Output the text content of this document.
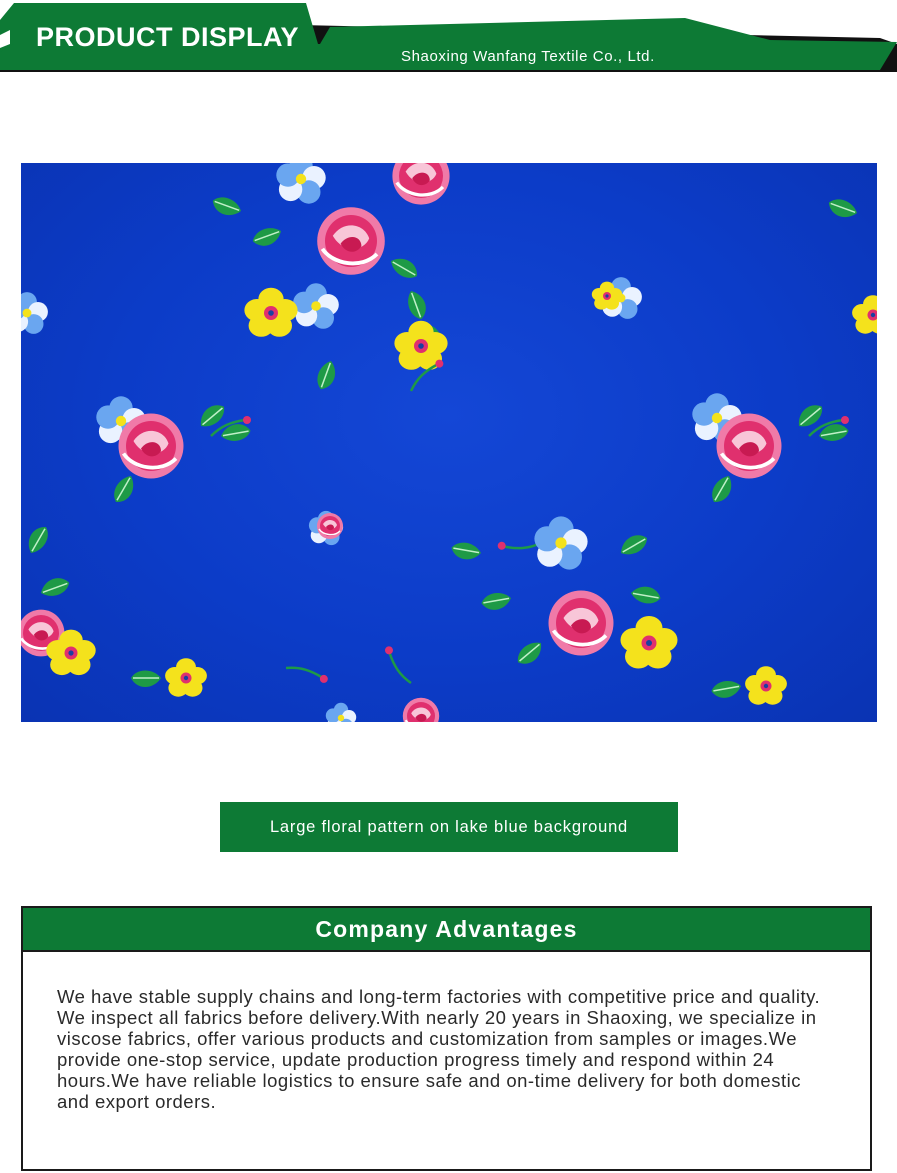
PRODUCT DISPLAY
Shaoxing Wanfang Textile Co., Ltd.
Large floral pattern on lake blue background
Company Advantages
We have stable supply chains and long-term factories with competitive price and quality. We inspect all fabrics before delivery.With nearly 20 years in Shaoxing, we specialize in viscose fabrics, offer various products and customization from samples or images.We provide one-stop service, update production progress timely and respond within 24 hours.We have reliable logistics to ensure safe and on-time delivery for both domestic and export orders.
